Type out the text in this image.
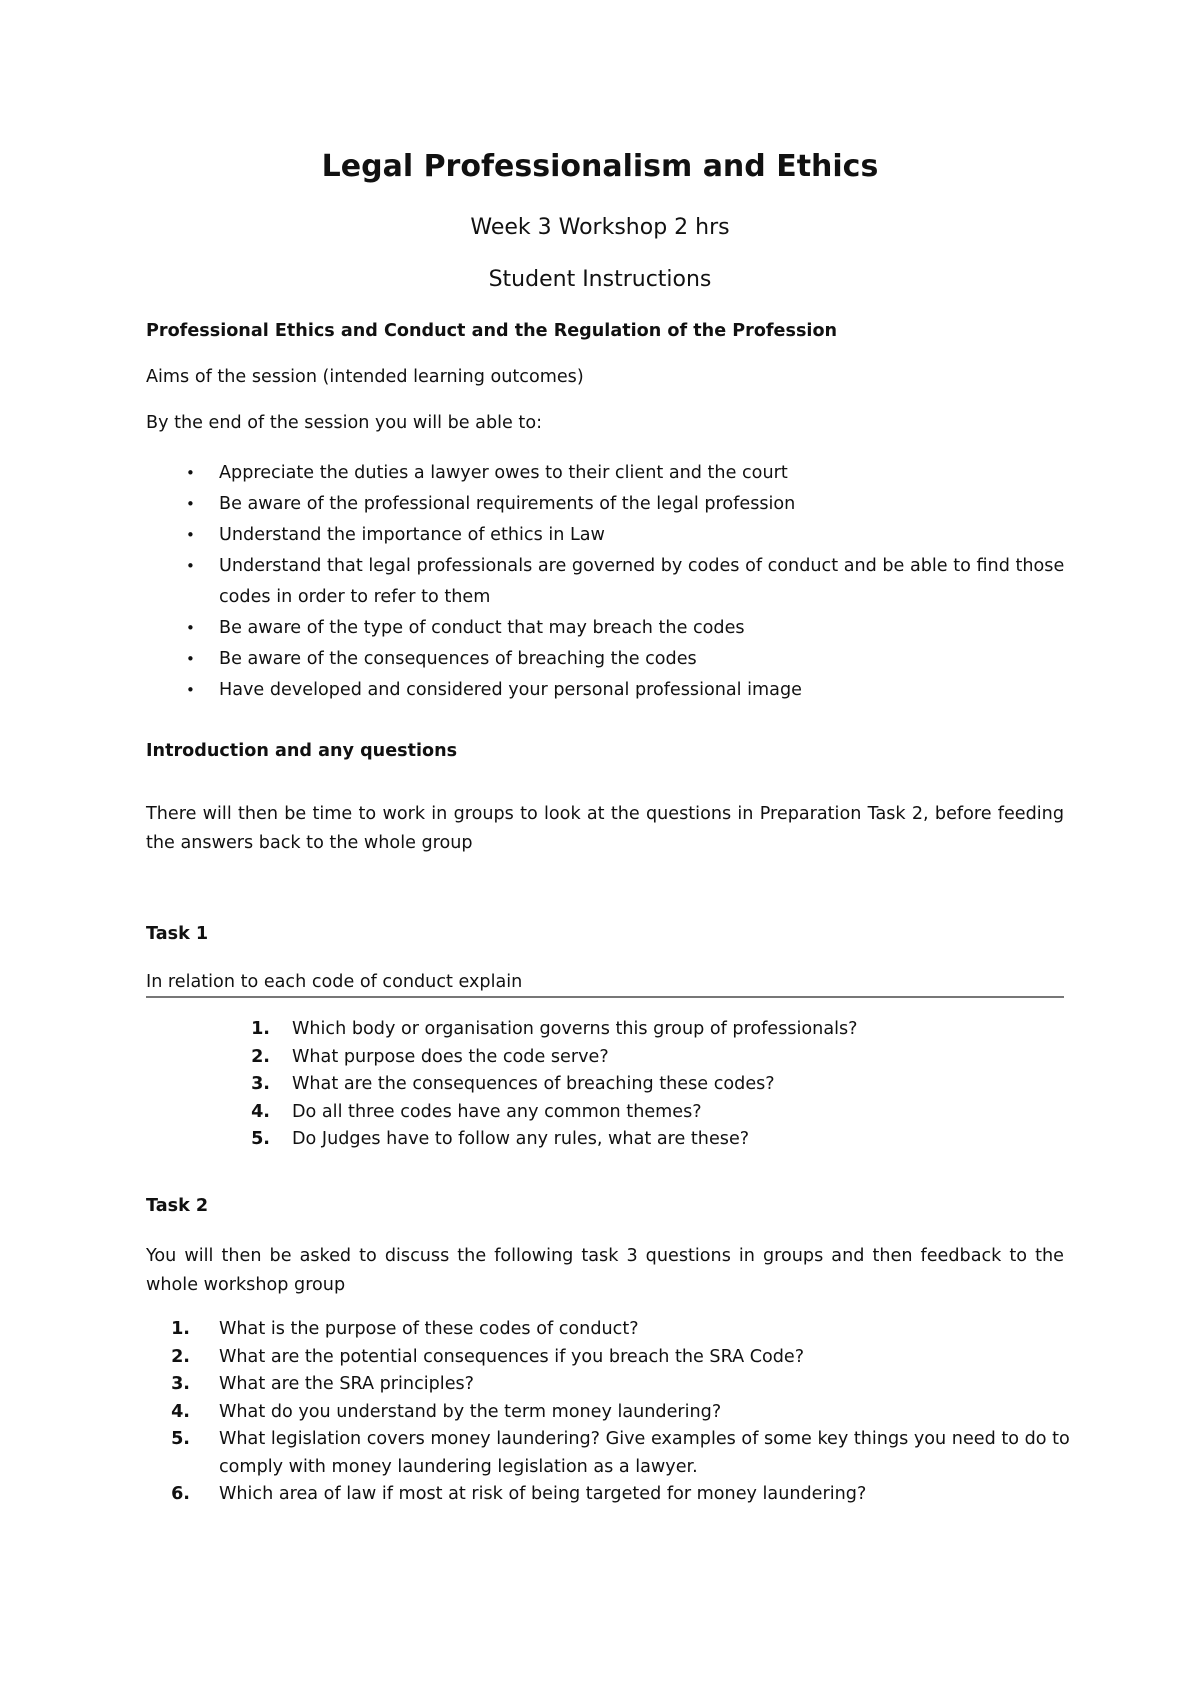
Legal Professionalism and Ethics
Week 3 Workshop 2 hrs
Student Instructions
Professional Ethics and Conduct and the Regulation of the Profession
Aims of the session (intended learning outcomes)
By the end of the session you will be able to:
• Appreciate the duties a lawyer owes to their client and the court
• Be aware of the professional requirements of the legal profession
• Understand the importance of ethics in Law
• Understand that legal professionals are governed by codes of conduct and be able to find those codes in order to refer to them
• Be aware of the type of conduct that may breach the codes
• Be aware of the consequences of breaching the codes
• Have developed and considered your personal professional image
Introduction and any questions

There will then be time to work in groups to look at the questions in Preparation Task 2, before feeding the answers back to the whole group

Task 1
In relation to each code of conduct explain
1. Which body or organisation governs this group of professionals?
2. What purpose does the code serve?
3. What are the consequences of breaching these codes?
4. Do all three codes have any common themes?
5. Do Judges have to follow any rules, what are these?
Task 2

You will then be asked to discuss the following task 3 questions in groups and then feedback to the whole workshop group

1. What is the purpose of these codes of conduct?
2. What are the potential consequences if you breach the SRA Code?
3. What are the SRA principles?
4. What do you understand by the term money laundering?
5. What legislation covers money laundering? Give examples of some key things you need to do to comply with money laundering legislation as a lawyer.
6. Which area of law if most at risk of being targeted for money laundering?
